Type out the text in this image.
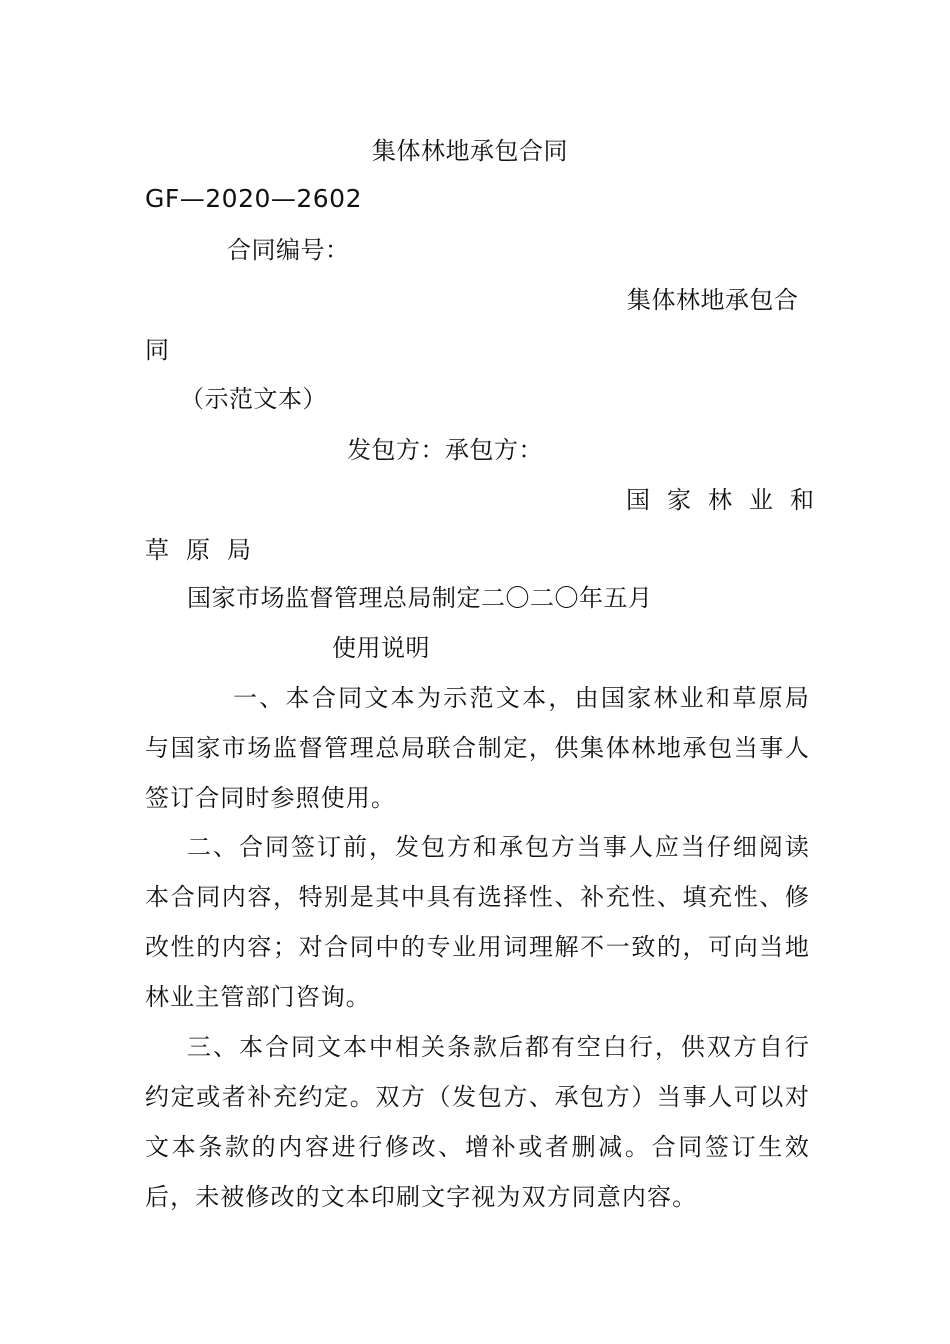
集体林地承包合同
GF—2020—2602
合同编号：
集体林地承包合
同
（示范文本）
发包方：承包方：
国家林业和
草原局
国家市场监督管理总局制定二〇二〇年五月
使用说明
一、本合同文本为示范文本，由国家林业和草原局与国家市场监督管理总局联合制定，供集体林地承包当事人签订合同时参照使用。
二、合同签订前，发包方和承包方当事人应当仔细阅读本合同内容，特别是其中具有选择性、补充性、填充性、修改性的内容；对合同中的专业用词理解不一致的，可向当地林业主管部门咨询。
三、本合同文本中相关条款后都有空白行，供双方自行约定或者补充约定。双方（发包方、承包方）当事人可以对文本条款的内容进行修改、增补或者删减。合同签订生效后，未被修改的文本印刷文字视为双方同意内容。
